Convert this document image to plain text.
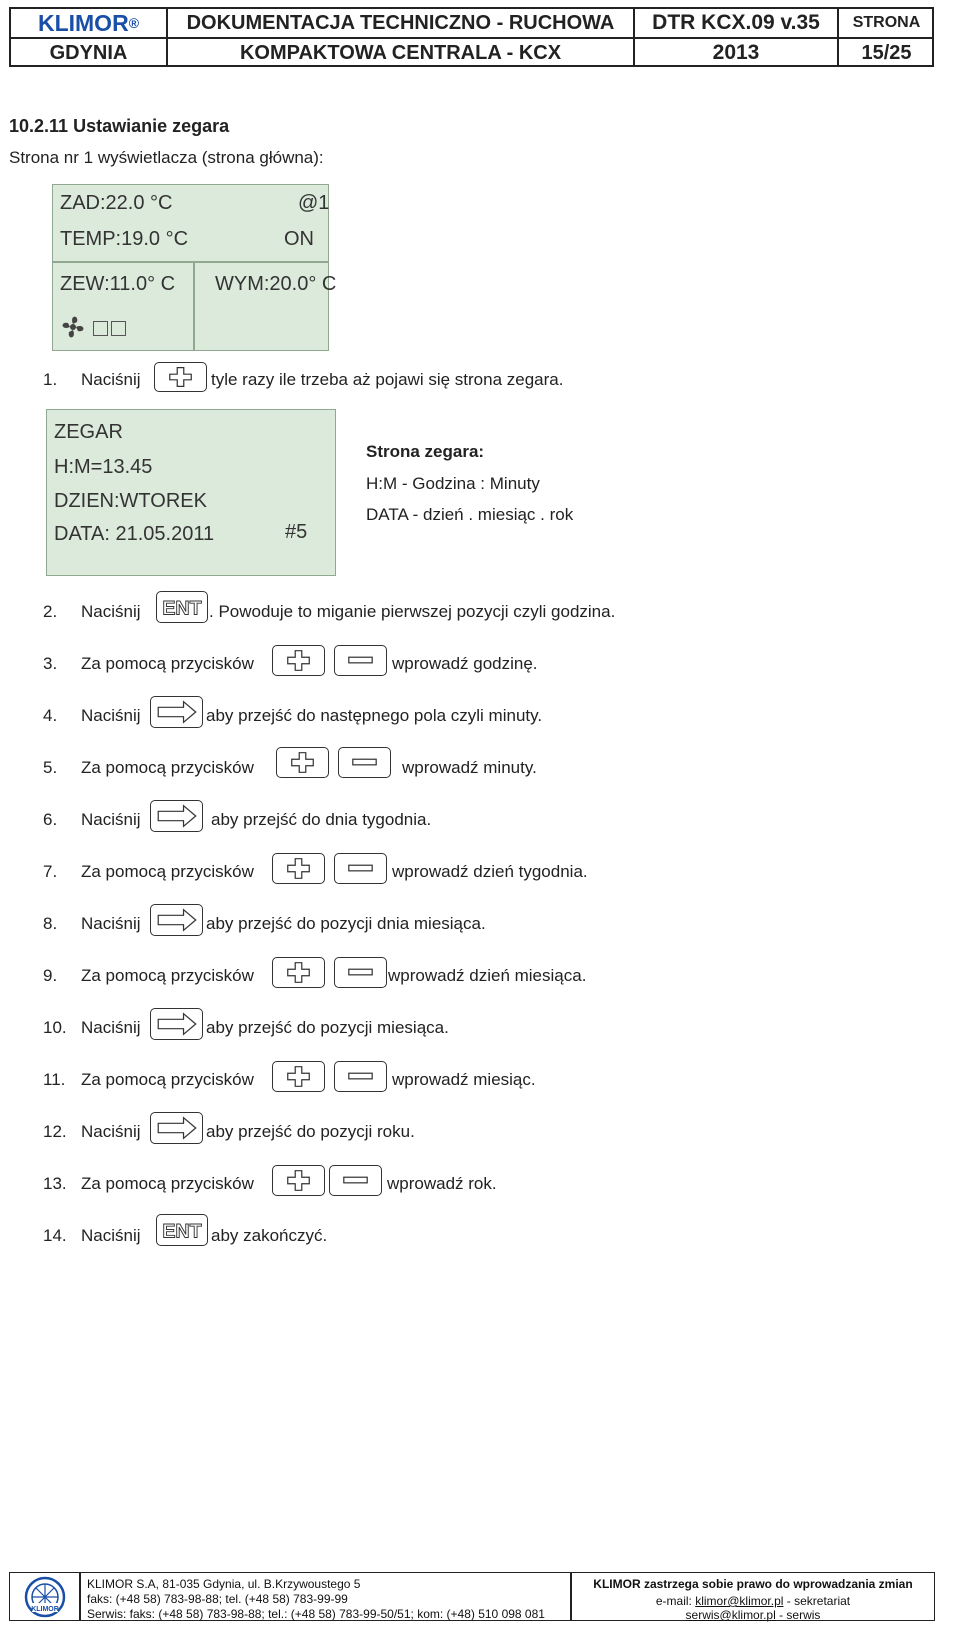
KLIMOR ®	DOKUMENTACJA TECHNICZNO - RUCHOWA	DTR KCX.09 v.35	STRONA
GDYNIA	KOMPAKTOWA CENTRALA - KCX	2013	15/25
10.2.11 Ustawianie zegara
Strona nr 1 wyświetlacza (strona główna):
ZAD:22.0 °C	@1
TEMP:19.0 °C	ON
ZEW:11.0° C WYM:20.0° C
1. Naciśnij	tyle razy ile trzeba aż pojawi się strona zegara.
ZEGAR
H:M=13.45
DZIEN:WTOREK
DATA: 21.05.2011	#5
Strona zegara:
H:M - Godzina : Minuty
DATA - dzień . miesiąc . rok
2. Naciśnij ENT . Powoduje to miganie pierwszej pozycji czyli godzina.
3. Za pomocą przycisków	wprowadź godzinę.
4. Naciśnij	aby przejść do następnego pola czyli minuty.
5. Za pomocą przycisków	wprowadź minuty.
6. Naciśnij	aby przejść do dnia tygodnia.
7. Za pomocą przycisków	wprowadź dzień tygodnia.
8. Naciśnij	aby przejść do pozycji dnia miesiąca.
9. Za pomocą przycisków	wprowadź dzień miesiąca.
10. Naciśnij	aby przejść do pozycji miesiąca.
11. Za pomocą przycisków	wprowadź miesiąc.
12. Naciśnij	aby przejść do pozycji roku.
13. Za pomocą przycisków	wprowadź rok.
14. Naciśnij ENT aby zakończyć.
KLIMOR
KLIMOR S.A, 81-035 Gdynia, ul. B.Krzywoustego 5
faks: (+48 58) 783-98-88; tel. (+48 58) 783-99-99
Serwis: faks: (+48 58) 783-98-88; tel.: (+48 58) 783-99-50/51; kom: (+48) 510 098 081
KLIMOR zastrzega sobie prawo do wprowadzania zmian
e-mail: klimor@klimor.pl - sekretariat
serwis@klimor.pl - serwis
